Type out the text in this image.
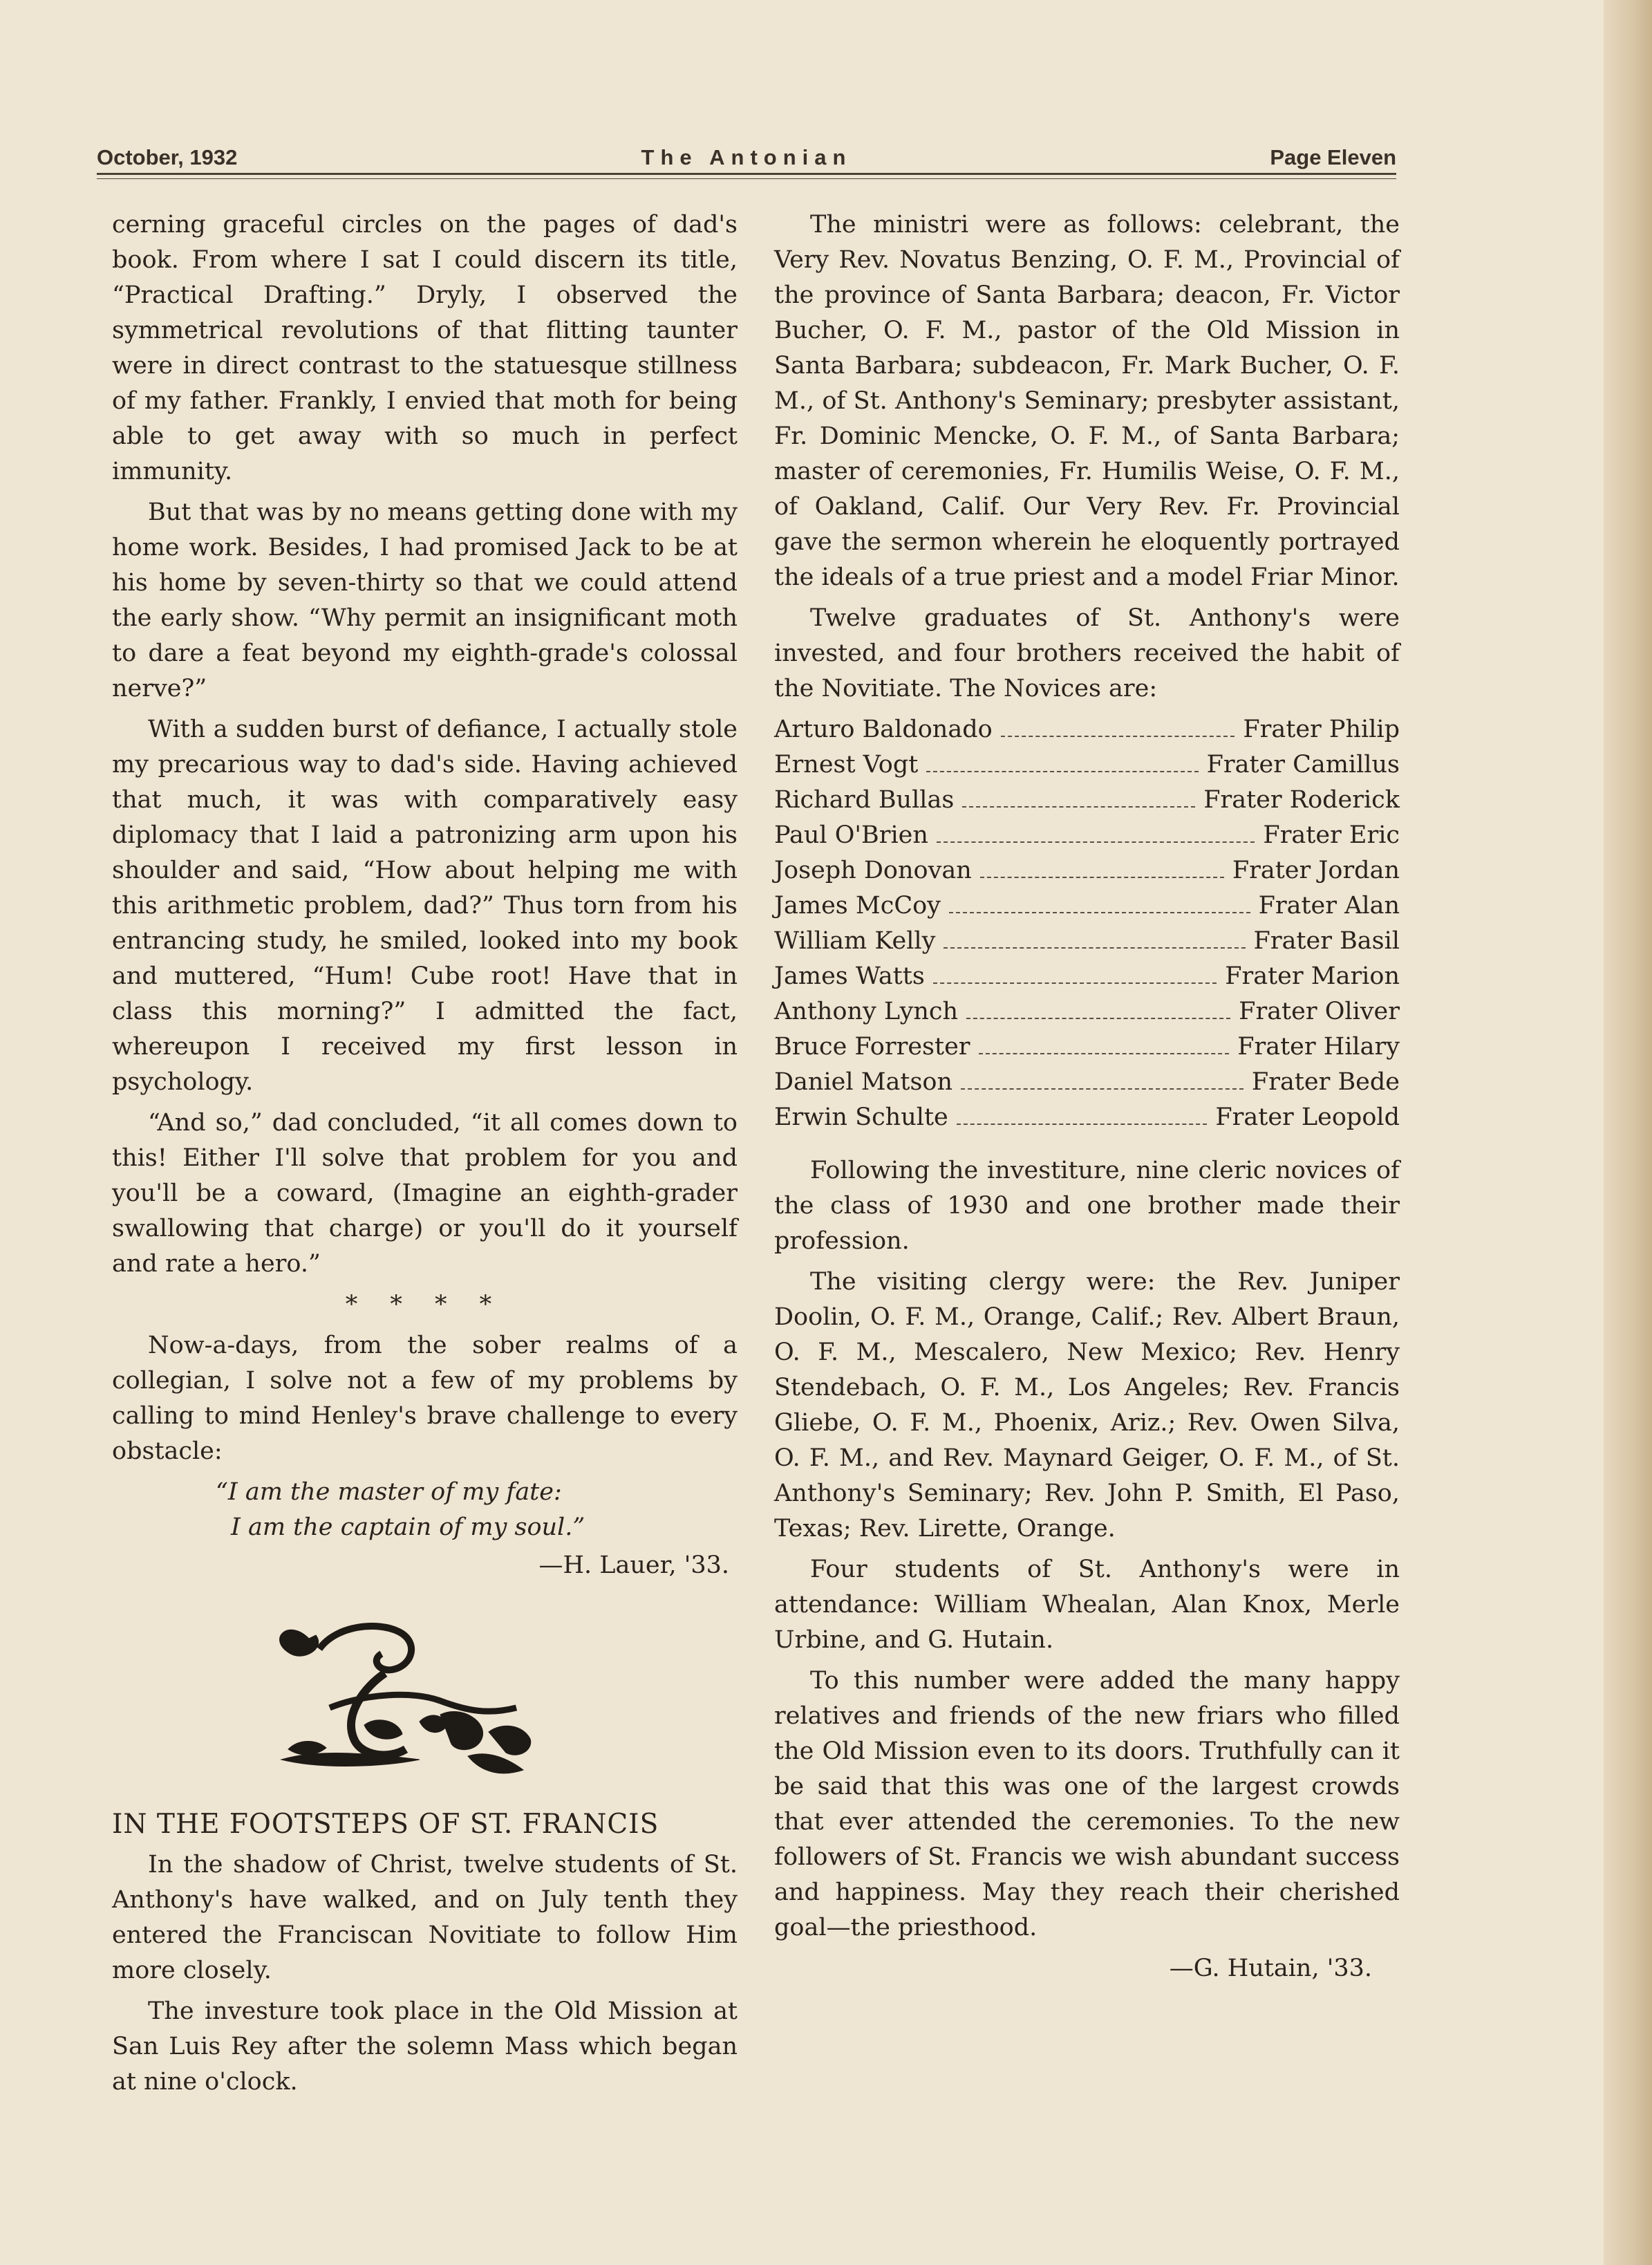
October, 1932	The Antonian	Page Eleven

cerning graceful circles on the pages of dad's book. From where I sat I could discern its title, “Practical Drafting.” Dryly, I observed the symmetrical revolutions of that flitting taunter were in direct contrast to the statuesque stillness of my father. Frankly, I envied that moth for being able to get away with so much in perfect immunity.

But that was by no means getting done with my home work. Besides, I had promised Jack to be at his home by seven-thirty so that we could attend the early show. “Why permit an insignificant moth to dare a feat beyond my eighth-grade's colossal nerve?”

With a sudden burst of defiance, I actually stole my precarious way to dad's side. Having achieved that much, it was with comparatively easy diplomacy that I laid a patronizing arm upon his shoulder and said, “How about helping me with this arithmetic problem, dad?” Thus torn from his entrancing study, he smiled, looked into my book and muttered, “Hum! Cube root! Have that in class this morning?” I admitted the fact, whereupon I received my first lesson in psychology.

“And so,” dad concluded, “it all comes down to this! Either I'll solve that problem for you and you'll be a coward, (Imagine an eighth-grader swallowing that charge) or you'll do it yourself and rate a hero.”

* * * *

Now-a-days, from the sober realms of a collegian, I solve not a few of my problems by calling to mind Henley's brave challenge to every obstacle:

“I am the master of my fate:
I am the captain of my soul.”
—H. Lauer, '33.
IN THE FOOTSTEPS OF ST. FRANCIS

In the shadow of Christ, twelve students of St. Anthony's have walked, and on July tenth they entered the Franciscan Novitiate to follow Him more closely.

The investure took place in the Old Mission at San Luis Rey after the solemn Mass which began at nine o'clock.

The ministri were as follows: celebrant, the Very Rev. Novatus Benzing, O. F. M., Provincial of the province of Santa Barbara; deacon, Fr. Victor Bucher, O. F. M., pastor of the Old Mission in Santa Barbara; subdeacon, Fr. Mark Bucher, O. F. M., of St. Anthony's Seminary; presbyter assistant, Fr. Dominic Mencke, O. F. M., of Santa Barbara; master of ceremonies, Fr. Humilis Weise, O. F. M., of Oakland, Calif. Our Very Rev. Fr. Provincial gave the sermon wherein he eloquently portrayed the ideals of a true priest and a model Friar Minor.

Twelve graduates of St. Anthony's were invested, and four brothers received the habit of the Novitiate. The Novices are:

Arturo Baldonado	Frater Philip
Ernest Vogt	Frater Camillus
Richard Bullas	Frater Roderick
Paul O'Brien	Frater Eric
Joseph Donovan	Frater Jordan
James McCoy	Frater Alan
William Kelly	Frater Basil
James Watts	Frater Marion
Anthony Lynch	Frater Oliver
Bruce Forrester	Frater Hilary
Daniel Matson	Frater Bede
Erwin Schulte	Frater Leopold

Following the investiture, nine cleric novices of the class of 1930 and one brother made their profession.

The visiting clergy were: the Rev. Juniper Doolin, O. F. M., Orange, Calif.; Rev. Albert Braun, O. F. M., Mescalero, New Mexico; Rev. Henry Stendebach, O. F. M., Los Angeles; Rev. Francis Gliebe, O. F. M., Phoenix, Ariz.; Rev. Owen Silva, O. F. M., and Rev. Maynard Geiger, O. F. M., of St. Anthony's Seminary; Rev. John P. Smith, El Paso, Texas; Rev. Lirette, Orange.

Four students of St. Anthony's were in attendance: William Whealan, Alan Knox, Merle Urbine, and G. Hutain.

To this number were added the many happy relatives and friends of the new friars who filled the Old Mission even to its doors. Truthfully can it be said that this was one of the largest crowds that ever attended the ceremonies. To the new followers of St. Francis we wish abundant success and happiness. May they reach their cherished goal—the priesthood.

—G. Hutain, '33.
